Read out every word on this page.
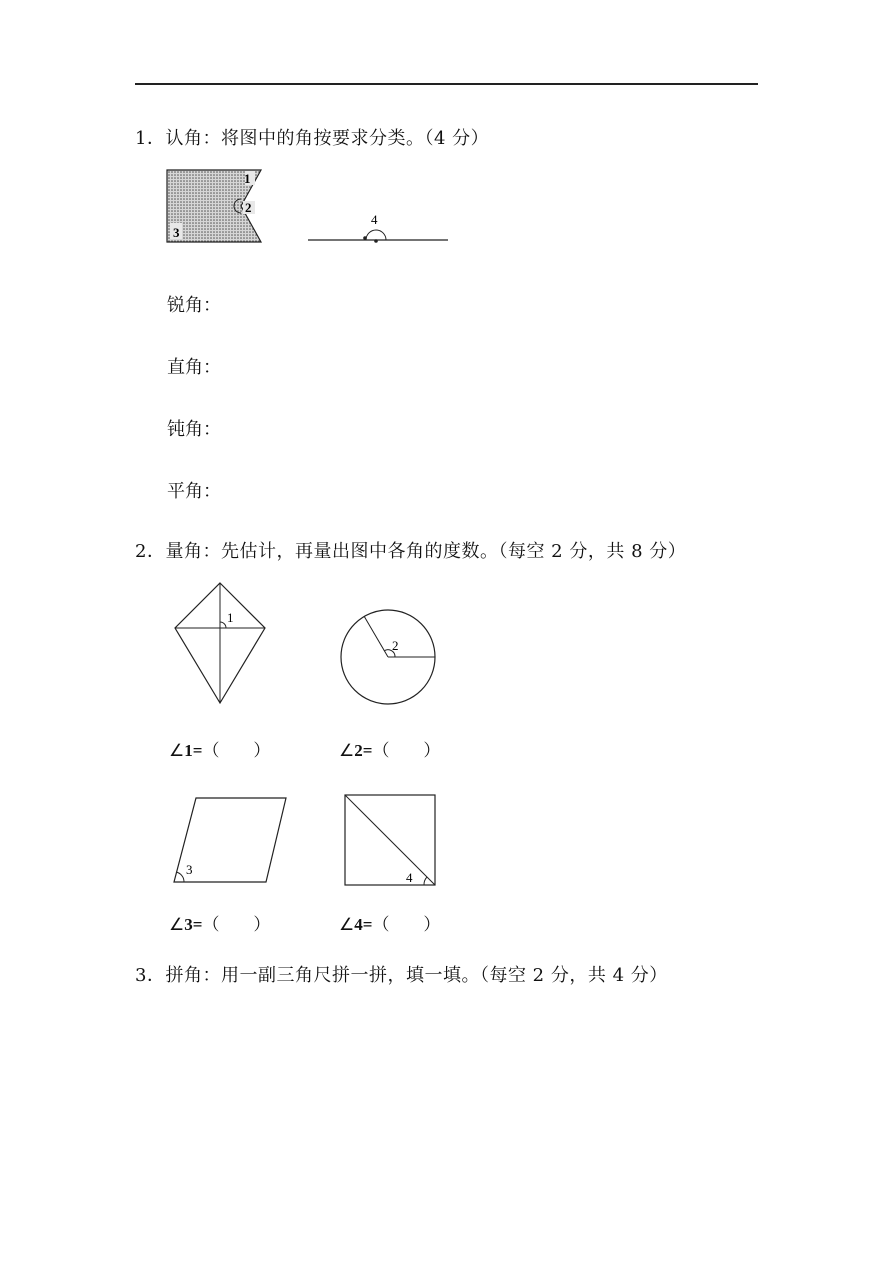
1．认角：将图中的角按要求分类。（4 分）
1
2
3
4
锐角：
直角：
钝角：
平角：
2．量角：先估计，再量出图中各角的度数。（每空 2 分，共 8 分）
1
2
∠1=（　　）	∠2=（　　）
3
4
∠3=（　　）	∠4=（　　）
3．拼角：用一副三角尺拼一拼，填一填。（每空 2 分，共 4 分）
